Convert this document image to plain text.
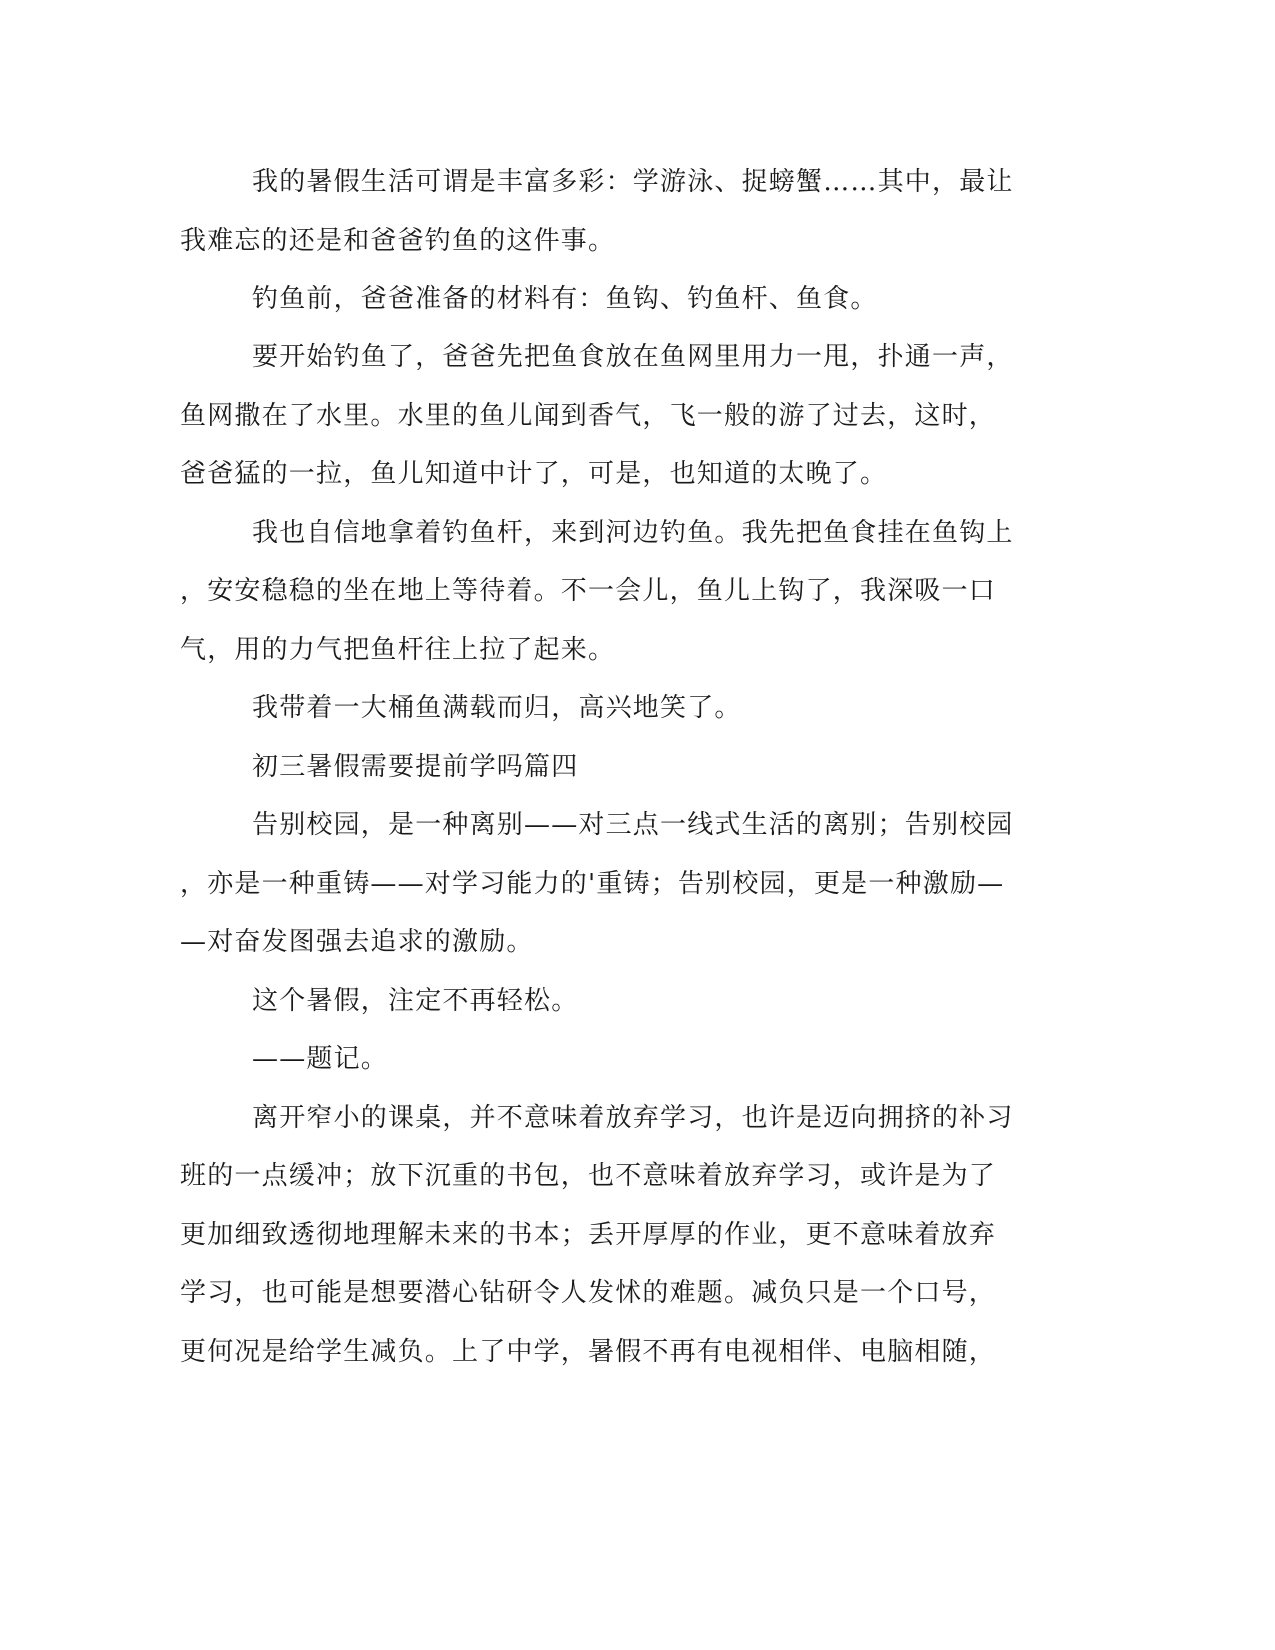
我的暑假生活可谓是丰富多彩：学游泳、捉螃蟹……其中，最让

我难忘的还是和爸爸钓鱼的这件事。

钓鱼前，爸爸准备的材料有：鱼钩、钓鱼杆、鱼食。

要开始钓鱼了，爸爸先把鱼食放在鱼网里用力一甩，扑通一声，

鱼网撒在了水里。水里的鱼儿闻到香气，飞一般的游了过去，这时，

爸爸猛的一拉，鱼儿知道中计了，可是，也知道的太晚了。

我也自信地拿着钓鱼杆，来到河边钓鱼。我先把鱼食挂在鱼钩上

，安安稳稳的坐在地上等待着。不一会儿，鱼儿上钩了，我深吸一口

气，用的力气把鱼杆往上拉了起来。

我带着一大桶鱼满载而归，高兴地笑了。

初三暑假需要提前学吗篇四

告别校园，是一种离别——对三点一线式生活的离别；告别校园

，亦是一种重铸——对学习能力的'重铸；告别校园，更是一种激励—

—对奋发图强去追求的激励。

这个暑假，注定不再轻松。

——题记。

离开窄小的课桌，并不意味着放弃学习，也许是迈向拥挤的补习

班的一点缓冲；放下沉重的书包，也不意味着放弃学习，或许是为了

更加细致透彻地理解未来的书本；丢开厚厚的作业，更不意味着放弃

学习，也可能是想要潜心钻研令人发怵的难题。减负只是一个口号，

更何况是给学生减负。上了中学，暑假不再有电视相伴、电脑相随，
